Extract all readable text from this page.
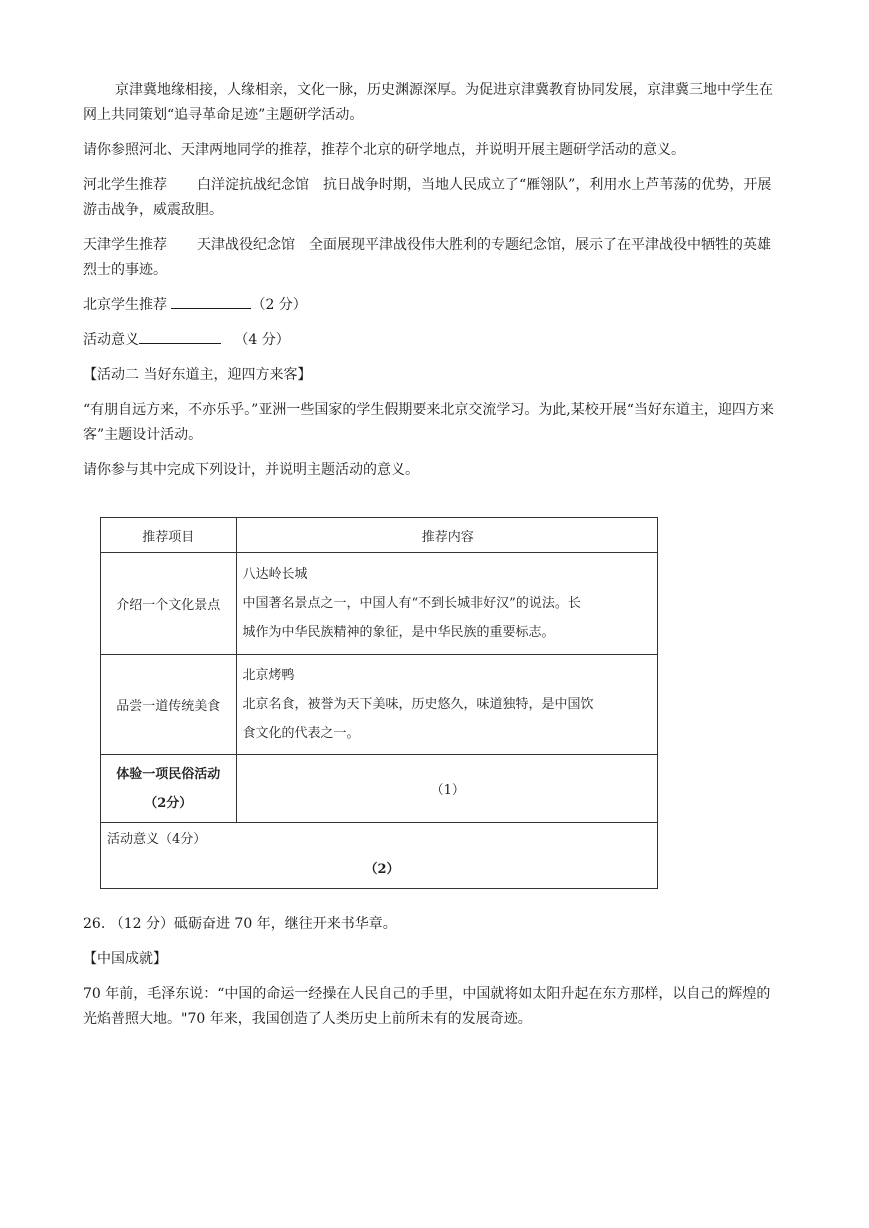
京津冀地缘相接，人缘相亲，文化一脉，历史渊源深厚。为促进京津冀教育协同发展，京津冀三地中学生在网上共同策划“追寻革命足迹”主题研学活动。

请你参照河北、天津两地同学的推荐，推荐个北京的研学地点，并说明开展主题研学活动的意义。

河北学生推荐 白洋淀抗战纪念馆 抗日战争时期，当地人民成立了“雁翎队”，利用水上芦苇荡的优势，开展游击战争，威震敌胆。

天津学生推荐 天津战役纪念馆 全面展现平津战役伟大胜利的专题纪念馆，展示了在平津战役中牺牲的英雄烈士的事迹。

北京学生推荐	（2 分）

活动意义	（4 分）

【活动二 当好东道主，迎四方来客】

“有朋自远方来，不亦乐乎。”亚洲一些国家的学生假期要来北京交流学习。为此,某校开展“当好东道主，迎四方来客”主题设计活动。

请你参与其中完成下列设计，并说明主题活动的意义。

推荐项目	推荐内容
介绍一个文化景点	八达岭长城
中国著名景点之一，中国人有“不到长城非好汉”的说法。长
城作为中华民族精神的象征，是中华民族的重要标志。

品尝一道传统美食	北京烤鸭
北京名食，被誉为天下美味，历史悠久，味道独特，是中国饮
食文化的代表之一。

体验一项民俗活动
（2分）	（1）

活动意义（4分）
（2）	

26. （12 分）砥砺奋进 70 年，继往开来书华章。

【中国成就】

70 年前，毛泽东说：“中国的命运一经操在人民自己的手里，中国就将如太阳升起在东方那样，以自己的辉煌的光焰普照大地。"70 年来，我国创造了人类历史上前所未有的发展奇迹。
